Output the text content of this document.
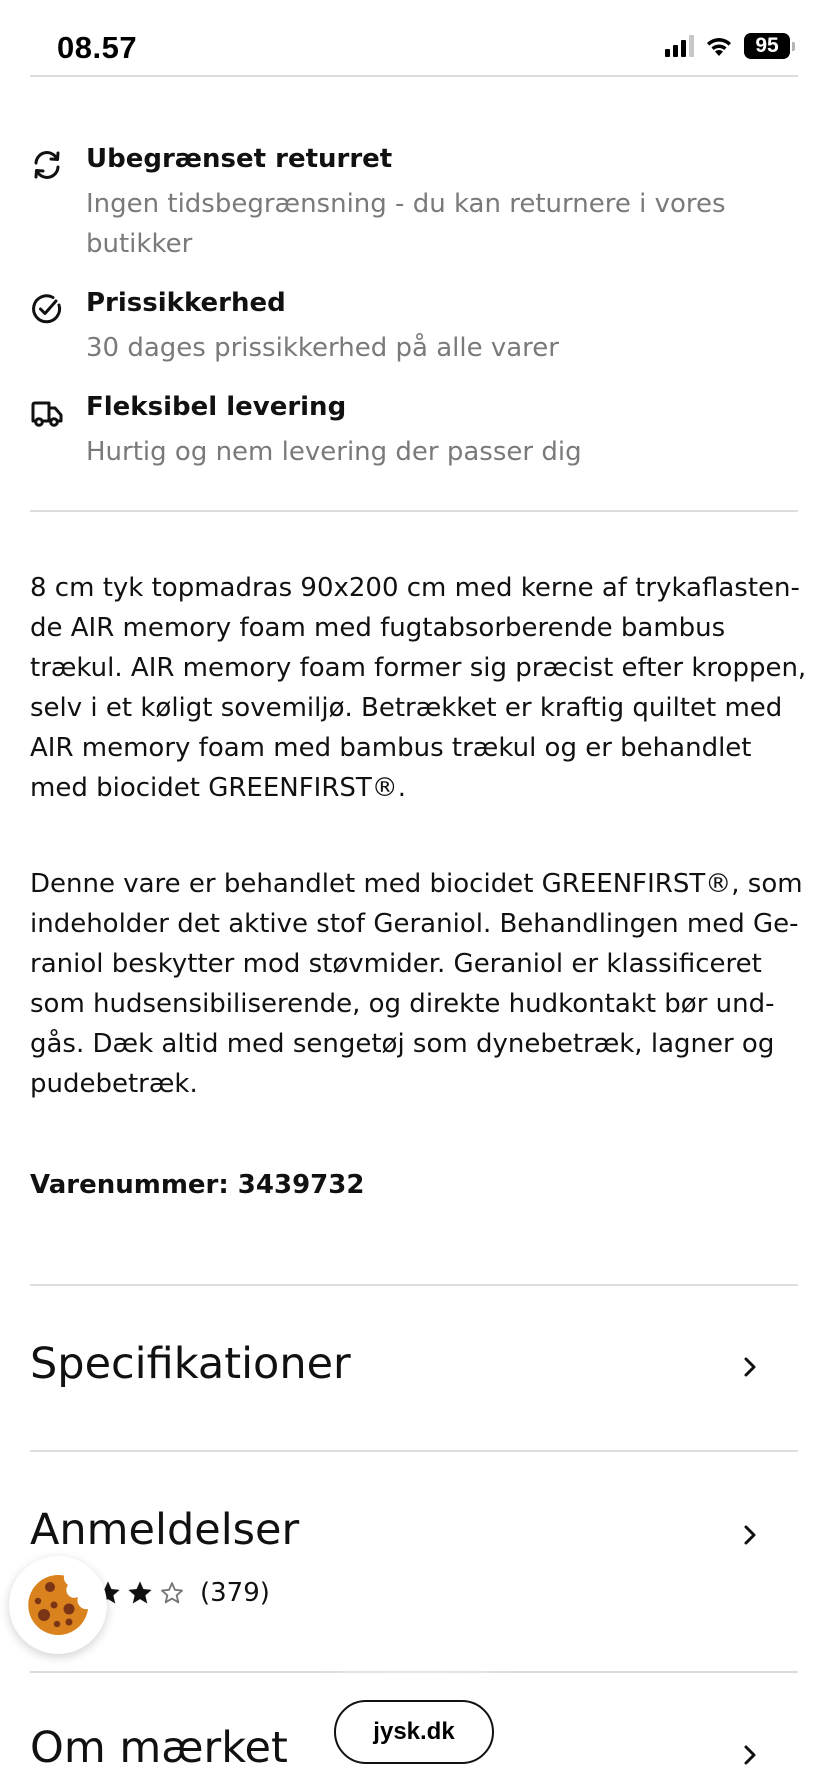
08.57	95
Ubegrænset returret
Ingen tidsbegrænsning - du kan returnere i vores butikker
Prissikkerhed
30 dages prissikkerhed på alle varer
Fleksibel levering
Hurtig og nem levering der passer dig

8 cm tyk topmadras 90x200 cm med kerne af trykaflastende AIR memory foam med fugtabsorberende bambus trækul. AIR memory foam former sig præcist efter kroppen, selv i et køligt sovemiljø. Betrækket er kraftig quiltet med AIR memory foam med bambus trækul og er behandlet med biocidet GREENFIRST®.

Denne vare er behandlet med biocidet GREENFIRST®, som indeholder det aktive stof Geraniol. Behandlingen med Geraniol beskytter mod støvmider. Geraniol er klassificeret som hudsensibiliserende, og direkte hudkontakt bør undgås. Dæk altid med sengetøj som dynebetræk, lagner og pudebetræk.

Varenummer: 3439732
Specifikationer
Anmeldelser
(379)
Om mærket	jysk.dk
